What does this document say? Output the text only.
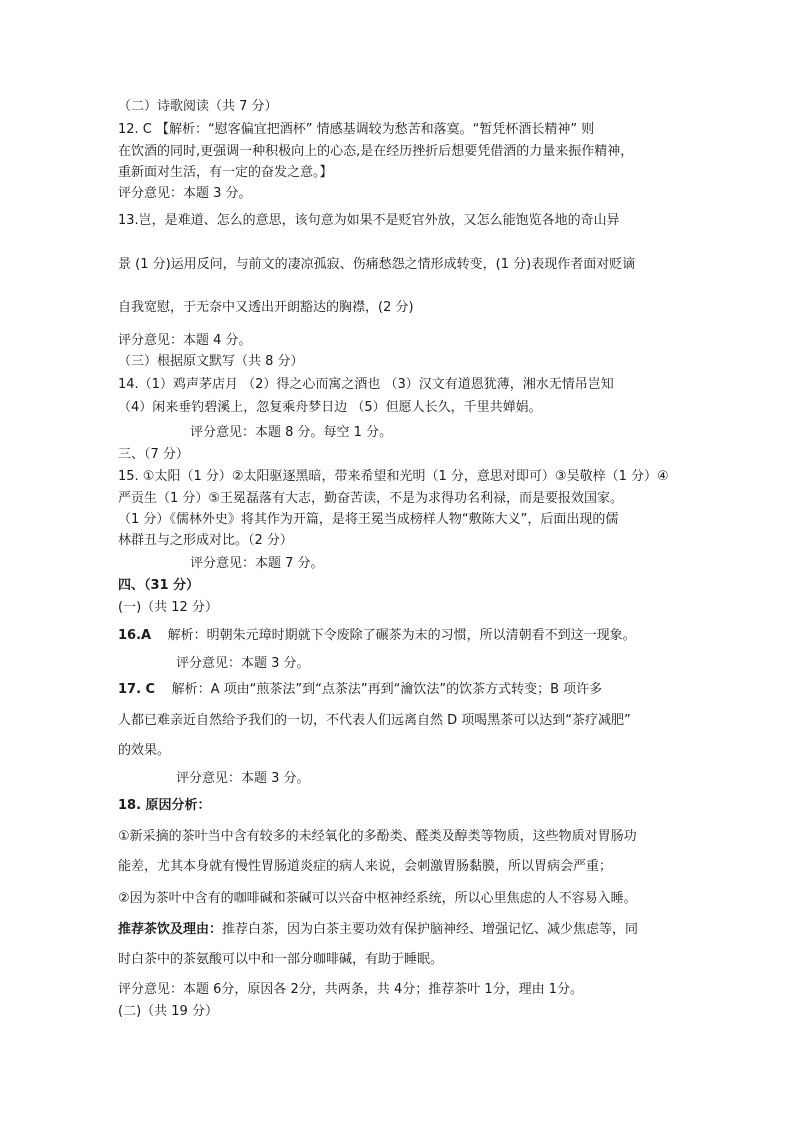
（二）诗歌阅读（共 7 分）
12. C 【解析：“慰客偏宜把酒杯” 情感基调较为愁苦和落寞。“暂凭杯酒长精神” 则
在饮酒的同时,更强调一种积极向上的心态,是在经历挫折后想要凭借酒的力量来振作精神，
重新面对生活，有一定的奋发之意。】
评分意见：本题 3 分。
13.岂，是难道、怎么的意思，该句意为如果不是贬官外放，又怎么能饱览各地的奇山异
景 (1 分)运用反问，与前文的凄凉孤寂、伤痛愁怨之情形成转变，(1 分)表现作者面对贬谪
自我宽慰，于无奈中又透出开朗豁达的胸襟，(2 分)
评分意见：本题 4 分。
（三）根据原文默写（共 8 分）
14.（1）鸡声茅店月 （2）得之心而寓之酒也 （3）汉文有道恩犹薄，湘水无情吊岂知
（4）闲来垂钓碧溪上，忽复乘舟梦日边 （5）但愿人长久，千里共婵娟。
评分意见：本题 8 分。每空 1 分。
三、（7 分）
15. ①太阳（1 分）②太阳驱逐黑暗，带来希望和光明（1 分，意思对即可）③吴敬梓（1 分）④
严贡生（1 分）⑤王冕磊落有大志，勤奋苦读，不是为求得功名利禄，而是要报效国家。
（1 分）《儒林外史》将其作为开篇，是将王冕当成榜样人物“敷陈大义”，后面出现的儒
林群丑与之形成对比。（2 分）
评分意见：本题 7 分。
四、（31 分）
(一)（共 12 分）
16.A 解析：明朝朱元璋时期就下令废除了碾茶为末的习惯，所以清朝看不到这一现象。
评分意见：本题 3 分。
17. C 解析：A 项由“煎茶法”到“点茶法”再到“瀹饮法”的饮茶方式转变；B 项许多
人都已难亲近自然给予我们的一切，不代表人们远离自然 D 项喝黑茶可以达到“茶疗减肥”
的效果。
评分意见：本题 3 分。
18. 原因分析：
①新采摘的茶叶当中含有较多的未经氧化的多酚类、醛类及醇类等物质，这些物质对胃肠功
能差，尤其本身就有慢性胃肠道炎症的病人来说，会刺激胃肠黏膜，所以胃病会严重；
②因为茶叶中含有的咖啡碱和茶碱可以兴奋中枢神经系统，所以心里焦虑的人不容易入睡。
推荐茶饮及理由：推荐白茶，因为白茶主要功效有保护脑神经、增强记忆、减少焦虑等，同
时白茶中的茶氨酸可以中和一部分咖啡碱，有助于睡眠。
评分意见：本题 6分，原因各 2分，共两条，共 4分；推荐茶叶 1分，理由 1分。
(二)（共 19 分）
